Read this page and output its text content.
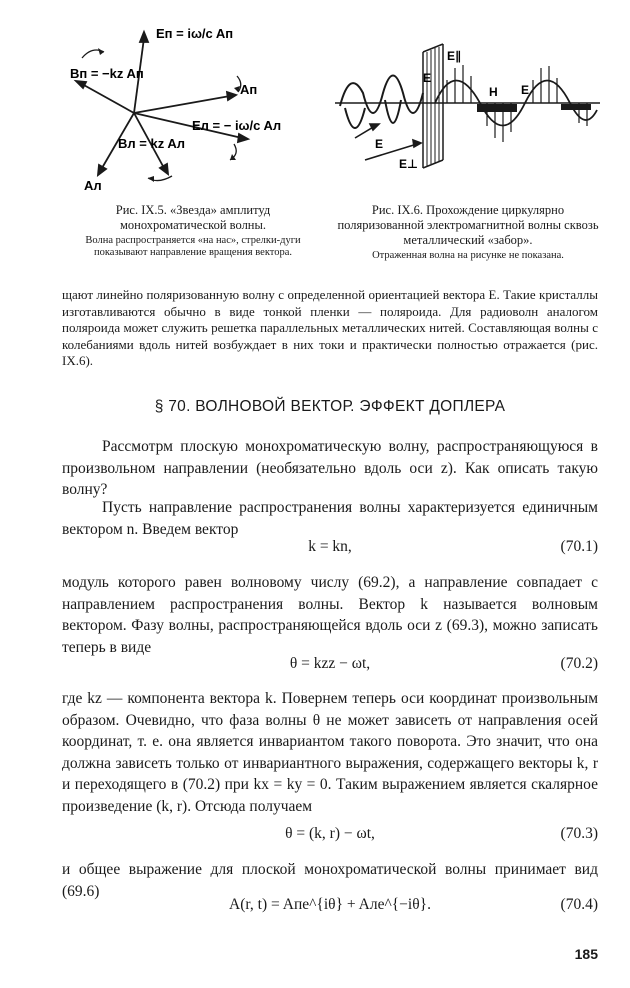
Eп = iω/c Aп
Bп = −kz Aп
Aп
Eл = − iω/c Aл
Bл = kz Aл
Aл
Рис. IX.5. «Звезда» амплитуд монохроматической волны.
Волна распространяется «на нас», стрелки-дуги показывают направление вращения вектора.
E∥
E
H E
E
E⊥
Рис. IX.6. Прохождение циркулярно поляризованной электромагнитной волны сквозь металлический «забор».
Отраженная волна на рисунке не показана.
щают линейно поляризованную волну с определенной ориентацией вектора E. Такие кристаллы изготавливаются обычно в виде тонкой пленки — поляроида. Для радиоволн аналогом поляроида может служить решетка параллельных металлических нитей. Составляющая волны с колебаниями вдоль нитей возбуждает в них токи и практически полностью отражается (рис. IX.6).
§ 70. ВОЛНОВОЙ ВЕКТОР. ЭФФЕКТ ДОПЛЕРА
Рассмотрм плоскую монохроматическую волну, распространяющуюся в произвольном направлении (необязательно вдоль оси z). Как описать такую волну?
Пусть направление распространения волны характеризуется единичным вектором n. Введем вектор
k = kn,	(70.1)
модуль которого равен волновому числу (69.2), а направление совпадает с направлением распространения волны. Вектор k называется волновым вектором. Фазу волны, распространяющейся вдоль оси z (69.3), можно записать теперь в виде
θ = kzz − ωt,	(70.2)
где kz — компонента вектора k. Повернем теперь оси координат произвольным образом. Очевидно, что фаза волны θ не может зависеть от направления осей координат, т. е. она является инвариантом такого поворота. Это значит, что она должна зависеть только от инвариантного выражения, содержащего векторы k, r и переходящего в (70.2) при kx = ky = 0. Таким выражением является скалярное произведение (k, r). Отсюда получаем
θ = (k, r) − ωt,	(70.3)
и общее выражение для плоской монохроматической волны принимает вид (69.6)
A(r, t) = Aпe^{iθ} + Aлe^{−iθ}.	(70.4)
185
